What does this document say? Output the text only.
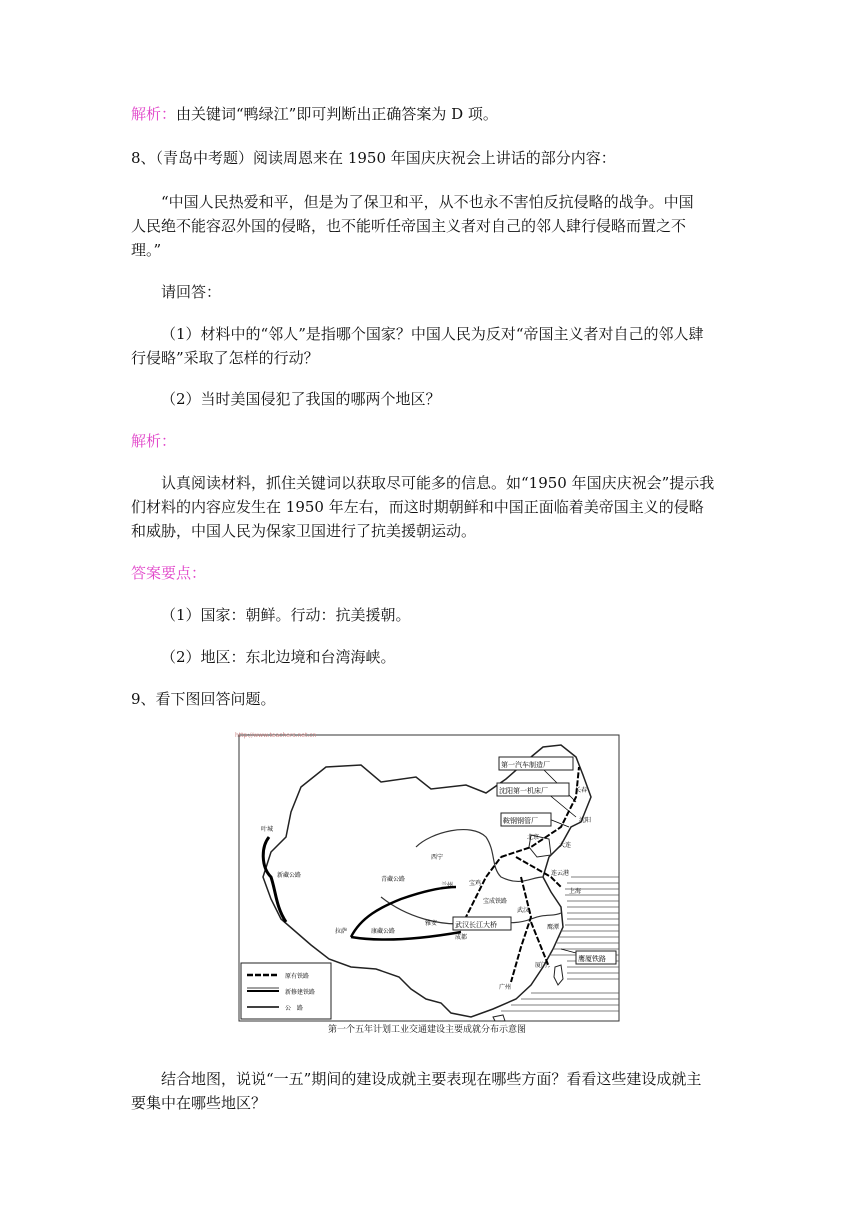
解析：由关键词“鸭绿江”即可判断出正确答案为 D 项。
8、（青岛中考题）阅读周恩来在 1950 年国庆庆祝会上讲话的部分内容：
“中国人民热爱和平，但是为了保卫和平，从不也永不害怕反抗侵略的战争。中国
人民绝不能容忍外国的侵略，也不能听任帝国主义者对自己的邻人肆行侵略而置之不
理。”
请回答：
（1）材料中的“邻人”是指哪个国家？中国人民为反对“帝国主义者对自己的邻人肆
行侵略”采取了怎样的行动？
（2）当时美国侵犯了我国的哪两个地区？
解析：
认真阅读材料，抓住关键词以获取尽可能多的信息。如“1950 年国庆庆祝会”提示我
们材料的内容应发生在 1950 年左右，而这时期朝鲜和中国正面临着美帝国主义的侵略
和威胁，中国人民为保家卫国进行了抗美援朝运动。
答案要点：
（1）国家：朝鲜。行动：抗美援朝。
（2）地区：东北边境和台湾海峡。
9、看下图回答问题。
http://www.teachers.net.cn
第一汽车制造厂
沈阳第一机床厂
鞍钢钢管厂
武汉长江大桥
鹰厦铁路
长春
沈阳
北京
大连
连云港
上海
武汉
鹰潭
厦门
广州
叶城
拉萨
西宁
兰州	宝鸡
成都
雅安
青藏公路
康藏公路
新藏公路
宝成铁路
原有铁路
新修建铁路
公　路
第一个五年计划工业交通建设主要成就分布示意图
结合地图，说说“一五”期间的建设成就主要表现在哪些方面？看看这些建设成就主
要集中在哪些地区？
